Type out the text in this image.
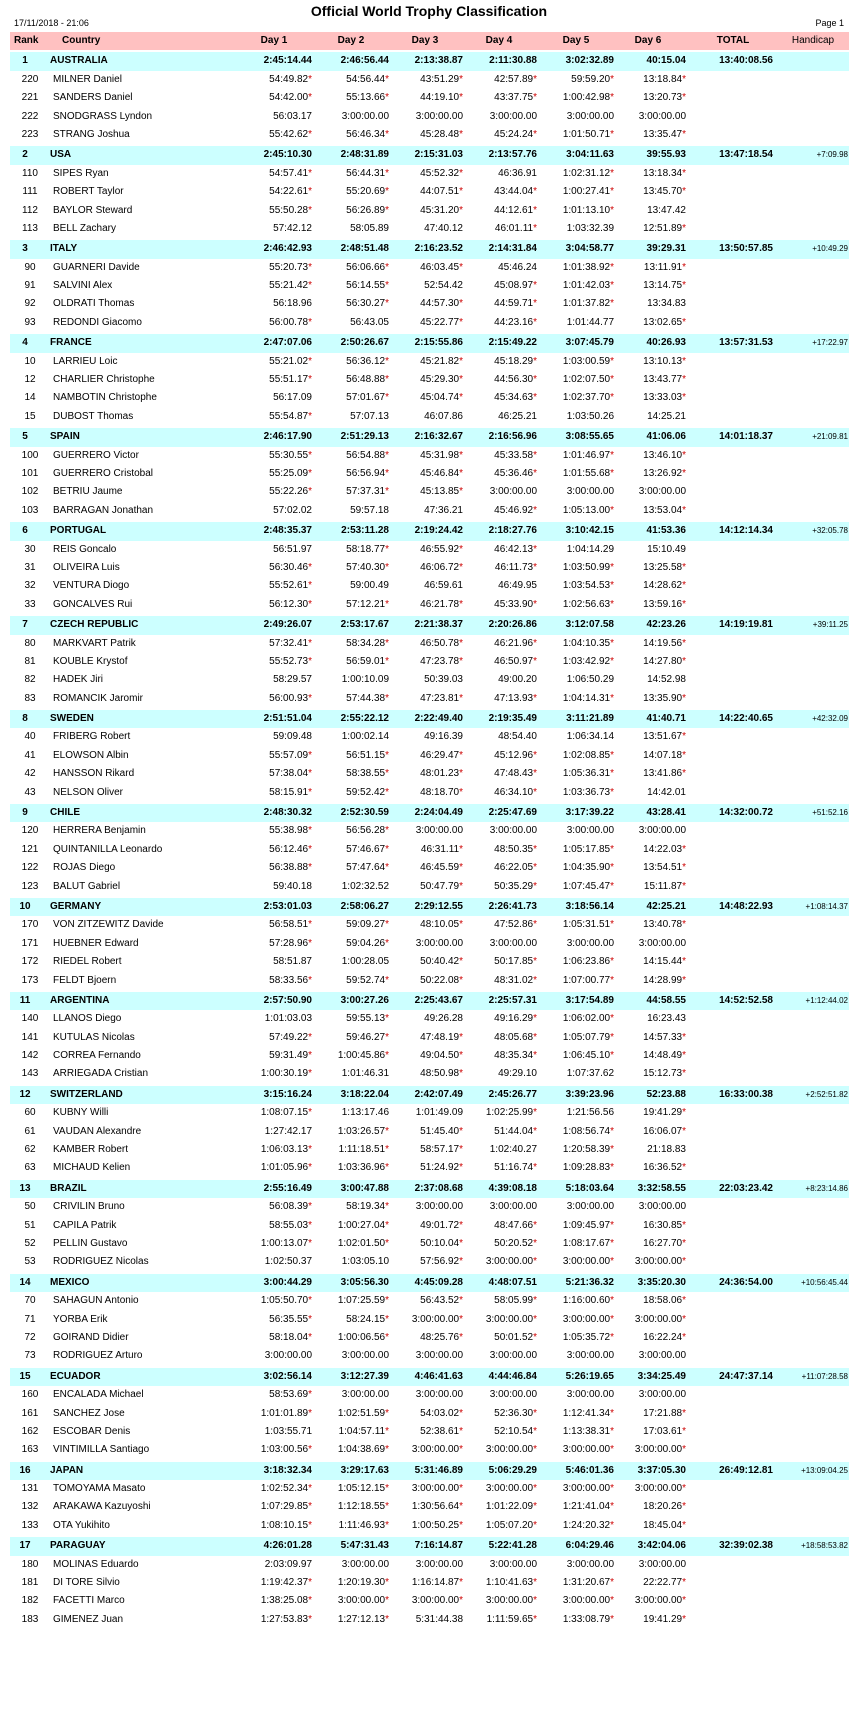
17/11/2018 - 21:06
Official World Trophy Classification
Page 1
Rank	Country	Day 1	Day 2	Day 3	Day 4	Day 5	Day 6	TOTAL	Handicap
1	AUSTRALIA	2:45:14.44	2:46:56.44	2:13:38.87	2:11:30.88	3:02:32.89	40:15.04	13:40:08.56
220	MILNER Daniel	54:49.82*	54:56.44*	43:51.29*	42:57.89*	59:59.20*	13:18.84*
221	SANDERS Daniel	54:42.00*	55:13.66*	44:19.10*	43:37.75*	1:00:42.98*	13:20.73*
222	SNODGRASS Lyndon	56:03.17	3:00:00.00	3:00:00.00	3:00:00.00	3:00:00.00	3:00:00.00
223	STRANG Joshua	55:42.62*	56:46.34*	45:28.48*	45:24.24*	1:01:50.71*	13:35.47*
2	USA	2:45:10.30	2:48:31.89	2:15:31.03	2:13:57.76	3:04:11.63	39:55.93	13:47:18.54	+7:09.98
110	SIPES Ryan	54:57.41*	56:44.31*	45:52.32*	46:36.91	1:02:31.12*	13:18.34*
111	ROBERT Taylor	54:22.61*	55:20.69*	44:07.51*	43:44.04*	1:00:27.41*	13:45.70*
112	BAYLOR Steward	55:50.28*	56:26.89*	45:31.20*	44:12.61*	1:01:13.10*	13:47.42
113	BELL Zachary	57:42.12	58:05.89	47:40.12	46:01.11*	1:03:32.39	12:51.89*
3	ITALY	2:46:42.93	2:48:51.48	2:16:23.52	2:14:31.84	3:04:58.77	39:29.31	13:50:57.85	+10:49.29
90	GUARNERI Davide	55:20.73*	56:06.66*	46:03.45*	45:46.24	1:01:38.92*	13:11.91*
91	SALVINI Alex	55:21.42*	56:14.55*	52:54.42	45:08.97*	1:01:42.03*	13:14.75*
92	OLDRATI Thomas	56:18.96	56:30.27*	44:57.30*	44:59.71*	1:01:37.82*	13:34.83
93	REDONDI Giacomo	56:00.78*	56:43.05	45:22.77*	44:23.16*	1:01:44.77	13:02.65*
4	FRANCE	2:47:07.06	2:50:26.67	2:15:55.86	2:15:49.22	3:07:45.79	40:26.93	13:57:31.53	+17:22.97
10	LARRIEU Loic	55:21.02*	56:36.12*	45:21.82*	45:18.29*	1:03:00.59*	13:10.13*
12	CHARLIER Christophe	55:51.17*	56:48.88*	45:29.30*	44:56.30*	1:02:07.50*	13:43.77*
14	NAMBOTIN Christophe	56:17.09	57:01.67*	45:04.74*	45:34.63*	1:02:37.70*	13:33.03*
15	DUBOST Thomas	55:54.87*	57:07.13	46:07.86	46:25.21	1:03:50.26	14:25.21
5	SPAIN	2:46:17.90	2:51:29.13	2:16:32.67	2:16:56.96	3:08:55.65	41:06.06	14:01:18.37	+21:09.81
100	GUERRERO Victor	55:30.55*	56:54.88*	45:31.98*	45:33.58*	1:01:46.97*	13:46.10*
101	GUERRERO Cristobal	55:25.09*	56:56.94*	45:46.84*	45:36.46*	1:01:55.68*	13:26.92*
102	BETRIU Jaume	55:22.26*	57:37.31*	45:13.85*	3:00:00.00	3:00:00.00	3:00:00.00
103	BARRAGAN Jonathan	57:02.02	59:57.18	47:36.21	45:46.92*	1:05:13.00*	13:53.04*
6	PORTUGAL	2:48:35.37	2:53:11.28	2:19:24.42	2:18:27.76	3:10:42.15	41:53.36	14:12:14.34	+32:05.78
30	REIS Goncalo	56:51.97	58:18.77*	46:55.92*	46:42.13*	1:04:14.29	15:10.49
31	OLIVEIRA Luis	56:30.46*	57:40.30*	46:06.72*	46:11.73*	1:03:50.99*	13:25.58*
32	VENTURA Diogo	55:52.61*	59:00.49	46:59.61	46:49.95	1:03:54.53*	14:28.62*
33	GONCALVES Rui	56:12.30*	57:12.21*	46:21.78*	45:33.90*	1:02:56.63*	13:59.16*
7	CZECH REPUBLIC	2:49:26.07	2:53:17.67	2:21:38.37	2:20:26.86	3:12:07.58	42:23.26	14:19:19.81	+39:11.25
80	MARKVART Patrik	57:32.41*	58:34.28*	46:50.78*	46:21.96*	1:04:10.35*	14:19.56*
81	KOUBLE Krystof	55:52.73*	56:59.01*	47:23.78*	46:50.97*	1:03:42.92*	14:27.80*
82	HADEK Jiri	58:29.57	1:00:10.09	50:39.03	49:00.20	1:06:50.29	14:52.98
83	ROMANCIK Jaromir	56:00.93*	57:44.38*	47:23.81*	47:13.93*	1:04:14.31*	13:35.90*
8	SWEDEN	2:51:51.04	2:55:22.12	2:22:49.40	2:19:35.49	3:11:21.89	41:40.71	14:22:40.65	+42:32.09
40	FRIBERG Robert	59:09.48	1:00:02.14	49:16.39	48:54.40	1:06:34.14	13:51.67*
41	ELOWSON Albin	55:57.09*	56:51.15*	46:29.47*	45:12.96*	1:02:08.85*	14:07.18*
42	HANSSON Rikard	57:38.04*	58:38.55*	48:01.23*	47:48.43*	1:05:36.31*	13:41.86*
43	NELSON Oliver	58:15.91*	59:52.42*	48:18.70*	46:34.10*	1:03:36.73*	14:42.01
9	CHILE	2:48:30.32	2:52:30.59	2:24:04.49	2:25:47.69	3:17:39.22	43:28.41	14:32:00.72	+51:52.16
120	HERRERA Benjamin	55:38.98*	56:56.28*	3:00:00.00	3:00:00.00	3:00:00.00	3:00:00.00
121	QUINTANILLA Leonardo	56:12.46*	57:46.67*	46:31.11*	48:50.35*	1:05:17.85*	14:22.03*
122	ROJAS Diego	56:38.88*	57:47.64*	46:45.59*	46:22.05*	1:04:35.90*	13:54.51*
123	BALUT Gabriel	59:40.18	1:02:32.52	50:47.79*	50:35.29*	1:07:45.47*	15:11.87*
10	GERMANY	2:53:01.03	2:58:06.27	2:29:12.55	2:26:41.73	3:18:56.14	42:25.21	14:48:22.93	+1:08:14.37
170	VON ZITZEWITZ Davide	56:58.51*	59:09.27*	48:10.05*	47:52.86*	1:05:31.51*	13:40.78*
171	HUEBNER Edward	57:28.96*	59:04.26*	3:00:00.00	3:00:00.00	3:00:00.00	3:00:00.00
172	RIEDEL Robert	58:51.87	1:00:28.05	50:40.42*	50:17.85*	1:06:23.86*	14:15.44*
173	FELDT Bjoern	58:33.56*	59:52.74*	50:22.08*	48:31.02*	1:07:00.77*	14:28.99*
11	ARGENTINA	2:57:50.90	3:00:27.26	2:25:43.67	2:25:57.31	3:17:54.89	44:58.55	14:52:52.58	+1:12:44.02
140	LLANOS Diego	1:01:03.03	59:55.13*	49:26.28	49:16.29*	1:06:02.00*	16:23.43
141	KUTULAS Nicolas	57:49.22*	59:46.27*	47:48.19*	48:05.68*	1:05:07.79*	14:57.33*
142	CORREA Fernando	59:31.49*	1:00:45.86*	49:04.50*	48:35.34*	1:06:45.10*	14:48.49*
143	ARRIEGADA Cristian	1:00:30.19*	1:01:46.31	48:50.98*	49:29.10	1:07:37.62	15:12.73*
12	SWITZERLAND	3:15:16.24	3:18:22.04	2:42:07.49	2:45:26.77	3:39:23.96	52:23.88	16:33:00.38	+2:52:51.82
60	KUBNY Willi	1:08:07.15*	1:13:17.46	1:01:49.09	1:02:25.99*	1:21:56.56	19:41.29*
61	VAUDAN Alexandre	1:27:42.17	1:03:26.57*	51:45.40*	51:44.04*	1:08:56.74*	16:06.07*
62	KAMBER Robert	1:06:03.13*	1:11:18.51*	58:57.17*	1:02:40.27	1:20:58.39*	21:18.83
63	MICHAUD Kelien	1:01:05.96*	1:03:36.96*	51:24.92*	51:16.74*	1:09:28.83*	16:36.52*
13	BRAZIL	2:55:16.49	3:00:47.88	2:37:08.68	4:39:08.18	5:18:03.64	3:32:58.55	22:03:23.42	+8:23:14.86
50	CRIVILIN Bruno	56:08.39*	58:19.34*	3:00:00.00	3:00:00.00	3:00:00.00	3:00:00.00
51	CAPILA Patrik	58:55.03*	1:00:27.04*	49:01.72*	48:47.66*	1:09:45.97*	16:30.85*
52	PELLIN Gustavo	1:00:13.07*	1:02:01.50*	50:10.04*	50:20.52*	1:08:17.67*	16:27.70*
53	RODRIGUEZ Nicolas	1:02:50.37	1:03:05.10	57:56.92*	3:00:00.00*	3:00:00.00*	3:00:00.00*
14	MEXICO	3:00:44.29	3:05:56.30	4:45:09.28	4:48:07.51	5:21:36.32	3:35:20.30	24:36:54.00	+10:56:45.44
70	SAHAGUN Antonio	1:05:50.70*	1:07:25.59*	56:43.52*	58:05.99*	1:16:00.60*	18:58.06*
71	YORBA Erik	56:35.55*	58:24.15*	3:00:00.00*	3:00:00.00*	3:00:00.00*	3:00:00.00*
72	GOIRAND Didier	58:18.04*	1:00:06.56*	48:25.76*	50:01.52*	1:05:35.72*	16:22.24*
73	RODRIGUEZ Arturo	3:00:00.00	3:00:00.00	3:00:00.00	3:00:00.00	3:00:00.00	3:00:00.00
15	ECUADOR	3:02:56.14	3:12:27.39	4:46:41.63	4:44:46.84	5:26:19.65	3:34:25.49	24:47:37.14	+11:07:28.58
160	ENCALADA Michael	58:53.69*	3:00:00.00	3:00:00.00	3:00:00.00	3:00:00.00	3:00:00.00
161	SANCHEZ Jose	1:01:01.89*	1:02:51.59*	54:03.02*	52:36.30*	1:12:41.34*	17:21.88*
162	ESCOBAR Denis	1:03:55.71	1:04:57.11*	52:38.61*	52:10.54*	1:13:38.31*	17:03.61*
163	VINTIMILLA Santiago	1:03:00.56*	1:04:38.69*	3:00:00.00*	3:00:00.00*	3:00:00.00*	3:00:00.00*
16	JAPAN	3:18:32.34	3:29:17.63	5:31:46.89	5:06:29.29	5:46:01.36	3:37:05.30	26:49:12.81	+13:09:04.25
131	TOMOYAMA Masato	1:02:52.34*	1:05:12.15*	3:00:00.00*	3:00:00.00*	3:00:00.00*	3:00:00.00*
132	ARAKAWA Kazuyoshi	1:07:29.85*	1:12:18.55*	1:30:56.64*	1:01:22.09*	1:21:41.04*	18:20.26*
133	OTA Yukihito	1:08:10.15*	1:11:46.93*	1:00:50.25*	1:05:07.20*	1:24:20.32*	18:45.04*
17	PARAGUAY	4:26:01.28	5:47:31.43	7:16:14.87	5:22:41.28	6:04:29.46	3:42:04.06	32:39:02.38	+18:58:53.82
180	MOLINAS Eduardo	2:03:09.97	3:00:00.00	3:00:00.00	3:00:00.00	3:00:00.00	3:00:00.00
181	DI TORE Silvio	1:19:42.37*	1:20:19.30*	1:16:14.87*	1:10:41.63*	1:31:20.67*	22:22.77*
182	FACETTI Marco	1:38:25.08*	3:00:00.00*	3:00:00.00*	3:00:00.00*	3:00:00.00*	3:00:00.00*
183	GIMENEZ Juan	1:27:53.83*	1:27:12.13*	5:31:44.38	1:11:59.65*	1:33:08.79*	19:41.29*
